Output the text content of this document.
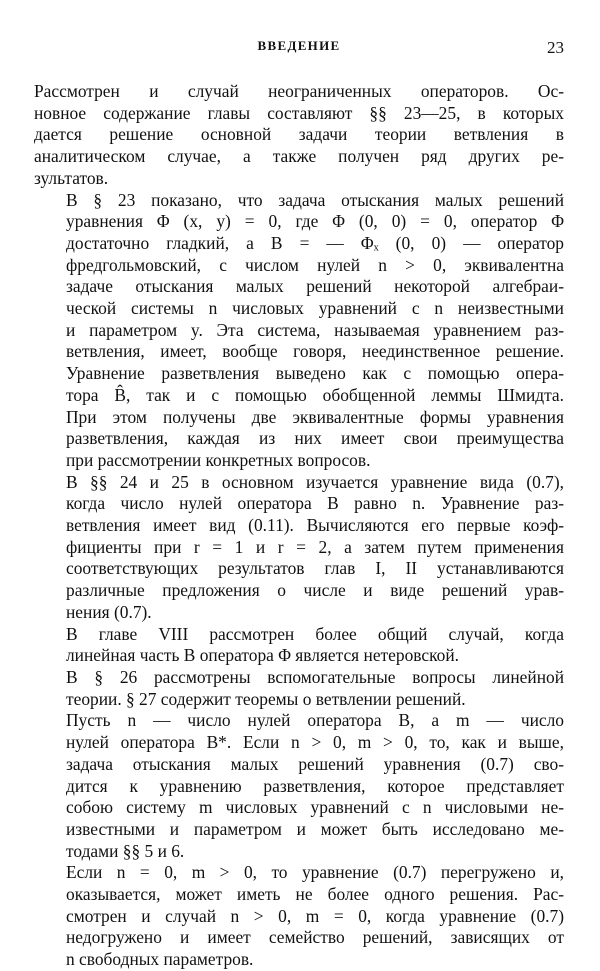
ВВЕДЕНИЕ	23

Рассмотрен и случай неограниченных операторов. Ос-
новное содержание главы составляют §§ 23—25, в которых
дается решение основной задачи теории ветвления в
аналитическом случае, а также получен ряд других ре-
зультатов.

В § 23 показано, что задача отыскания малых решений
уравнения Φ (x, y) = 0, где Φ (0, 0) = 0, оператор Φ
достаточно гладкий, а B = — Φₓ (0, 0) — оператор
фредгольмовский, с числом нулей n > 0, эквивалентна
задаче отыскания малых решений некоторой алгебраи-
ческой системы n числовых уравнений с n неизвестными
и параметром y. Эта система, называемая уравнением раз-
ветвления, имеет, вообще говоря, неединственное решение.
Уравнение разветвления выведено как с помощью опера-
тора B̂, так и с помощью обобщенной леммы Шмидта.
При этом получены две эквивалентные формы уравнения
разветвления, каждая из них имеет свои преимущества
при рассмотрении конкретных вопросов.

В §§ 24 и 25 в основном изучается уравнение вида (0.7),
когда число нулей оператора B равно n. Уравнение раз-
ветвления имеет вид (0.11). Вычисляются его первые коэф-
фициенты при r = 1 и r = 2, а затем путем применения
соответствующих результатов глав I, II устанавливаются
различные предложения о числе и виде решений урав-
нения (0.7).

В главе VIII рассмотрен более общий случай, когда
линейная часть B оператора Φ является нетеровской.

В § 26 рассмотрены вспомогательные вопросы линейной
теории. § 27 содержит теоремы о ветвлении решений.

Пусть n — число нулей оператора B, а m — число
нулей оператора B*. Если n > 0, m > 0, то, как и выше,
задача отыскания малых решений уравнения (0.7) сво-
дится к уравнению разветвления, которое представляет
собою систему m числовых уравнений с n числовыми не-
известными и параметром и может быть исследовано ме-
тодами §§ 5 и 6.

Если n = 0, m > 0, то уравнение (0.7) перегружено и,
оказывается, может иметь не более одного решения. Рас-
смотрен и случай n > 0, m = 0, когда уравнение (0.7)
недогружено и имеет семейство решений, зависящих от
n свободных параметров.
